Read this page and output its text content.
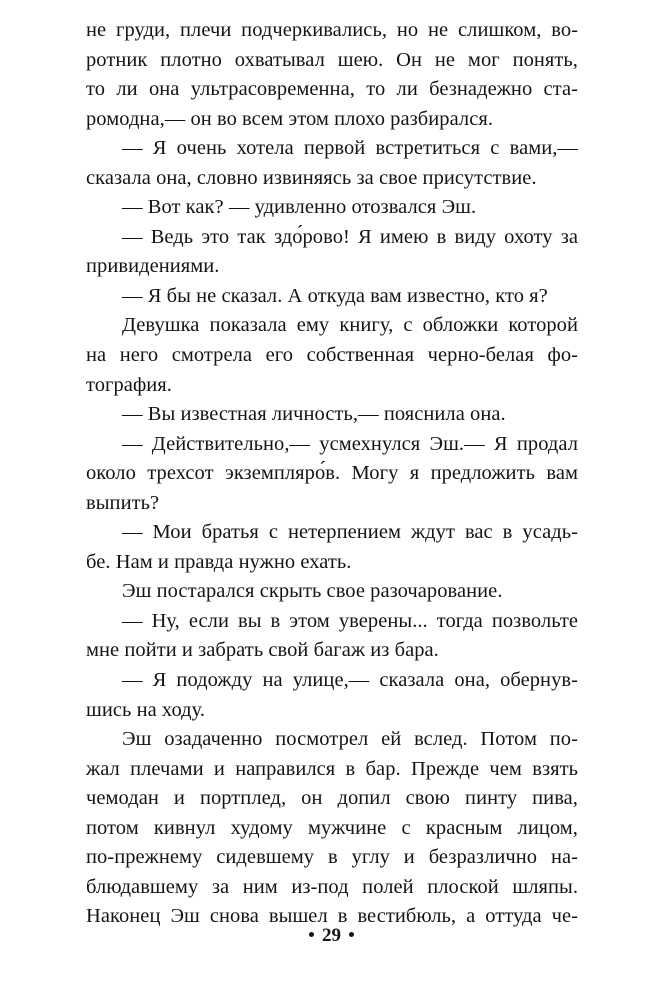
не груди, плечи подчеркивались, но не слишком, во-
ротник плотно охватывал шею. Он не мог понять,
то ли она ультрасовременна, то ли безнадежно ста-
ромодна,— он во всем этом плохо разбирался.
— Я очень хотела первой встретиться с вами,—
сказала она, словно извиняясь за свое присутствие.
— Вот как? — удивленно отозвался Эш.
— Ведь это так здо́рово! Я имею в виду охоту за
привидениями.
— Я бы не сказал. А откуда вам известно, кто я?
Девушка показала ему книгу, с обложки которой
на него смотрела его собственная черно-белая фо-
тография.
— Вы известная личность,— пояснила она.
— Действительно,— усмехнулся Эш.— Я продал
около трехсот экземпляро́в. Могу я предложить вам
выпить?
— Мои братья с нетерпением ждут вас в усадь-
бе. Нам и правда нужно ехать.
Эш постарался скрыть свое разочарование.
— Ну, если вы в этом уверены... тогда позвольте
мне пойти и забрать свой багаж из бара.
— Я подожду на улице,— сказала она, обернув-
шись на ходу.
Эш озадаченно посмотрел ей вслед. Потом по-
жал плечами и направился в бар. Прежде чем взять
чемодан и портплед, он допил свою пинту пива,
потом кивнул худому мужчине с красным лицом,
по-прежнему сидевшему в углу и безразлично на-
блюдавшему за ним из-под полей плоской шляпы.
Наконец Эш снова вышел в вестибюль, а оттуда че-
29
